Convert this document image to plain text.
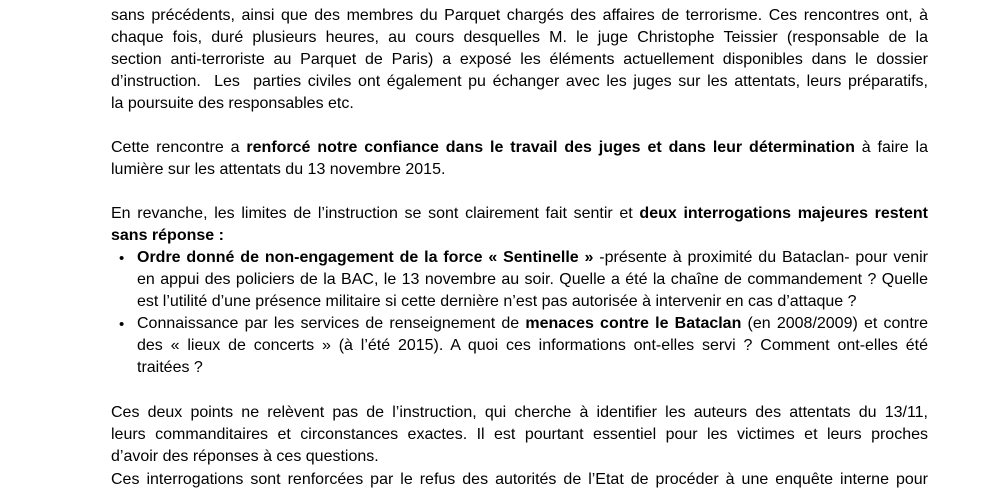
sans précédents, ainsi que des membres du Parquet chargés des affaires de terrorisme. Ces rencontres ont, à
chaque fois, duré plusieurs heures, au cours desquelles M. le juge Christophe Teissier (responsable de la
section anti-terroriste au Parquet de Paris) a exposé les éléments actuellement disponibles dans le dossier
d’instruction.  Les  parties civiles ont également pu échanger avec les juges sur les attentats, leurs préparatifs,
la poursuite des responsables etc.
Cette rencontre a renforcé notre confiance dans le travail des juges et dans leur détermination à faire la
lumière sur les attentats du 13 novembre 2015.
En revanche, les limites de l’instruction se sont clairement fait sentir et deux interrogations majeures restent
sans réponse :
• Ordre donné de non-engagement de la force « Sentinelle » -présente à proximité du Bataclan- pour venir
en appui des policiers de la BAC, le 13 novembre au soir. Quelle a été la chaîne de commandement ? Quelle
est l’utilité d’une présence militaire si cette dernière n’est pas autorisée à intervenir en cas d’attaque ?
• Connaissance par les services de renseignement de menaces contre le Bataclan (en 2008/2009) et contre
des « lieux de concerts » (à l’été 2015). A quoi ces informations ont-elles servi ? Comment ont-elles été
traitées ?
Ces deux points ne relèvent pas de l’instruction, qui cherche à identifier les auteurs des attentats du 13/11,
leurs commanditaires et circonstances exactes. Il est pourtant essentiel pour les victimes et leurs proches
d’avoir des réponses à ces questions.
Ces interrogations sont renforcées par le refus des autorités de l’Etat de procéder à une enquête interne pour
